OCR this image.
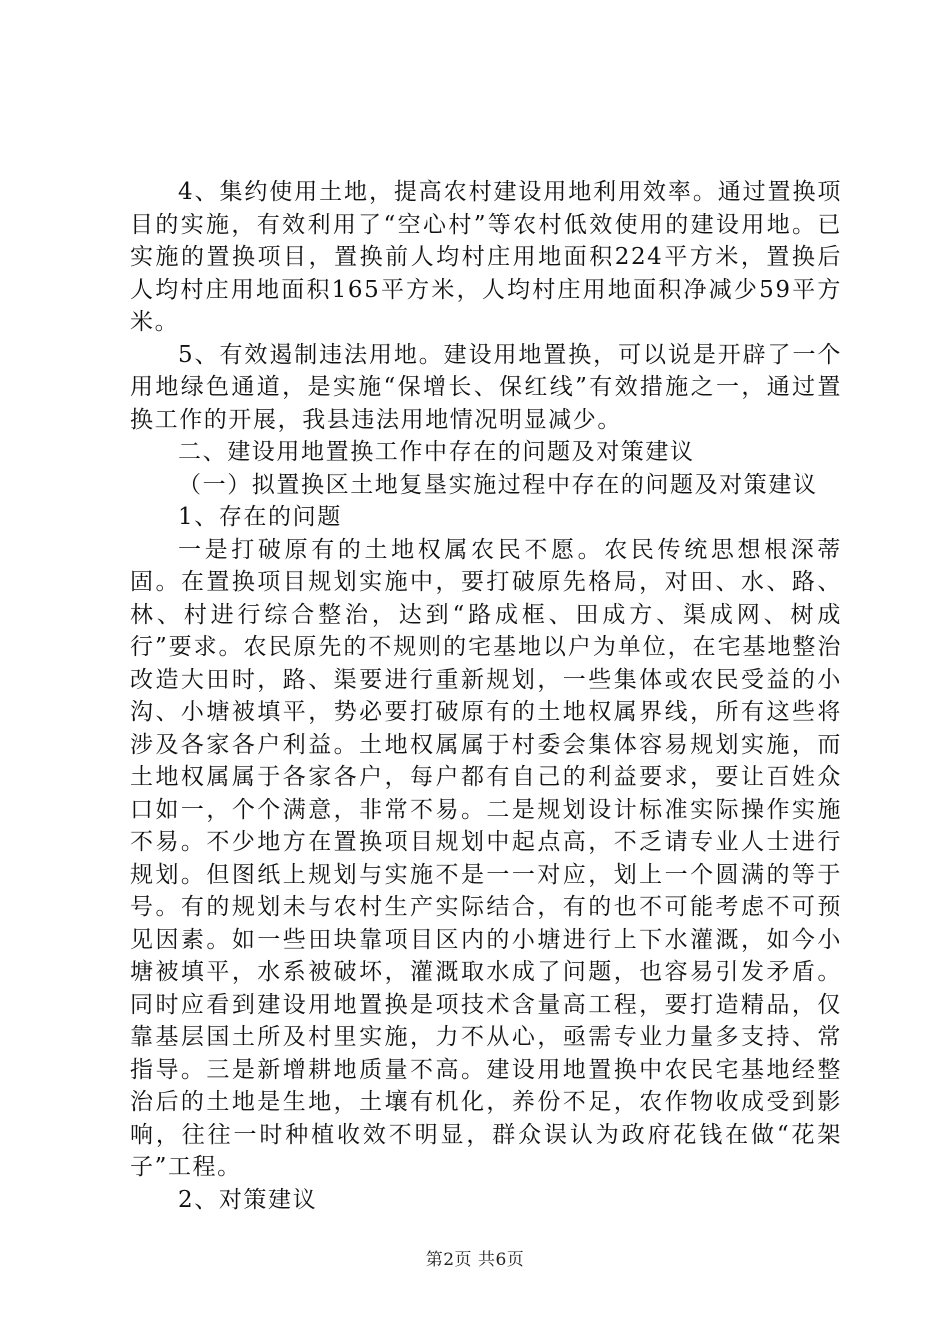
4、集约使用土地，提高农村建设用地利用效率。通过置换项目的实施，有效利用了“空心村”等农村低效使用的建设用地。已实施的置换项目，置换前人均村庄用地面积224平方米，置换后人均村庄用地面积165平方米，人均村庄用地面积净减少59平方米。

5、有效遏制违法用地。建设用地置换，可以说是开辟了一个用地绿色通道，是实施“保增长、保红线”有效措施之一，通过置换工作的开展，我县违法用地情况明显减少。

二、建设用地置换工作中存在的问题及对策建议

（一）拟置换区土地复垦实施过程中存在的问题及对策建议

1、存在的问题

一是打破原有的土地权属农民不愿。农民传统思想根深蒂固。在置换项目规划实施中，要打破原先格局，对田、水、路、林、村进行综合整治，达到“路成框、田成方、渠成网、树成行”要求。农民原先的不规则的宅基地以户为单位，在宅基地整治改造大田时，路、渠要进行重新规划，一些集体或农民受益的小沟、小塘被填平，势必要打破原有的土地权属界线，所有这些将涉及各家各户利益。土地权属属于村委会集体容易规划实施，而土地权属属于各家各户，每户都有自己的利益要求，要让百姓众口如一，个个满意，非常不易。二是规划设计标准实际操作实施不易。不少地方在置换项目规划中起点高，不乏请专业人士进行规划。但图纸上规划与实施不是一一对应，划上一个圆满的等于号。有的规划未与农村生产实际结合，有的也不可能考虑不可预见因素。如一些田块靠项目区内的小塘进行上下水灌溉，如今小塘被填平，水系被破坏，灌溉取水成了问题，也容易引发矛盾。同时应看到建设用地置换是项技术含量高工程，要打造精品，仅靠基层国土所及村里实施，力不从心，亟需专业力量多支持、常指导。三是新增耕地质量不高。建设用地置换中农民宅基地经整治后的土地是生地，土壤有机化，养份不足，农作物收成受到影响，往往一时种植收效不明显，群众误认为政府花钱在做“花架子”工程。

2、对策建议

第2页 共6页
